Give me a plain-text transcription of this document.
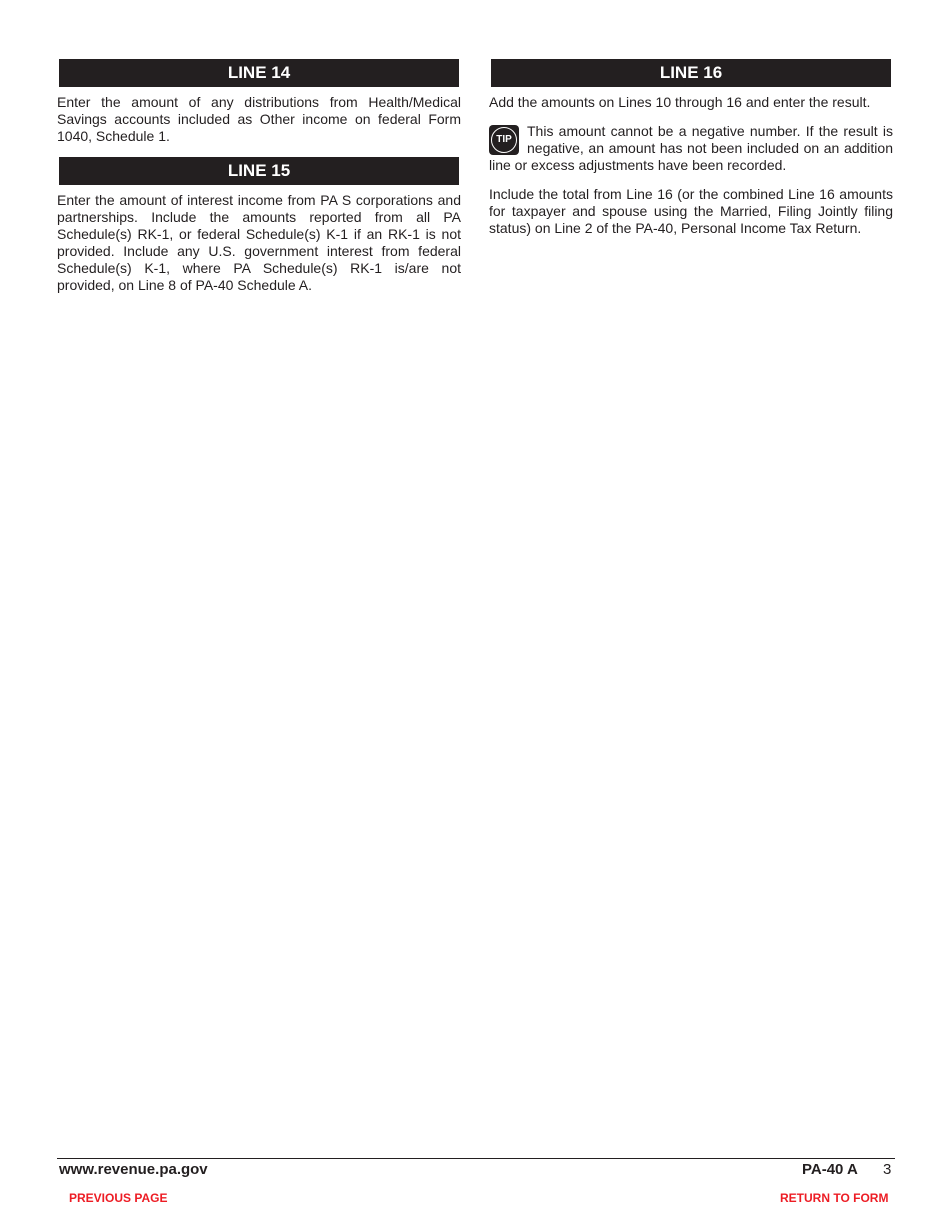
LINE 14

Enter the amount of any distributions from Health/Medical Savings accounts included as Other income on federal Form 1040, Schedule 1.

LINE 15

Enter the amount of interest income from PA S corporations and partnerships. Include the amounts reported from all PA Schedule(s) RK-1, or federal Schedule(s) K-1 if an RK-1 is not provided. Include any U.S. government interest from federal Schedule(s) K-1, where PA Schedule(s) RK-1 is/are not provided, on Line 8 of PA-40 Schedule A.

LINE 16

Add the amounts on Lines 10 through 16 and enter the result.

TIP
This amount cannot be a negative number. If the result is negative, an amount has not been included on an addition line or excess adjustments have been recorded.

Include the total from Line 16 (or the combined Line 16 amounts for taxpayer and spouse using the Married, Filing Jointly filing status) on Line 2 of the PA-40, Personal Income Tax Return.

www.revenue.pa.gov	PA-40 A 3
PREVIOUS PAGE	RETURN TO FORM
